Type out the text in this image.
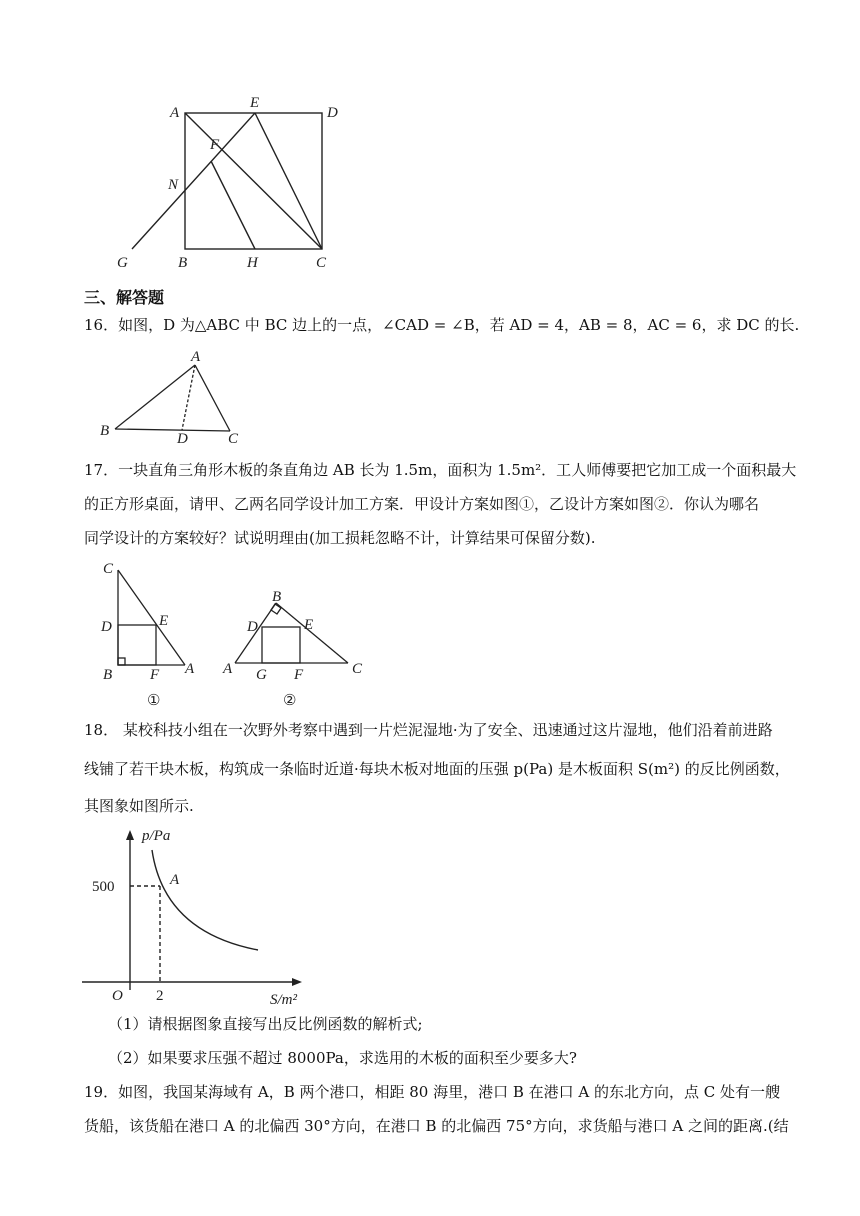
A
E
D
F
N
G	B	H	C
三、解答题
16．如图，D 为△ABC 中 BC 边上的一点，∠CAD = ∠B，若 AD = 4，AB = 8，AC = 6，求 DC 的长.
A
B	D	C
17．一块直角三角形木板的条直角边 AB 长为 1.5m，面积为 1.5m²．工人师傅要把它加工成一个面积最大
的正方形桌面，请甲、乙两名同学设计加工方案．甲设计方案如图①，乙设计方案如图②．你认为哪名
同学设计的方案较好？试说明理由(加工损耗忽略不计，计算结果可保留分数).
C
D	E
B	F A
①
B
D	E
A G F	C
②
18． 某校科技小组在一次野外考察中遇到一片烂泥湿地·为了安全、迅速通过这片湿地，他们沿着前进路
线铺了若干块木板，构筑成一条临时近道·每块木板对地面的压强 p(Pa) 是木板面积 S(m²) 的反比例函数，
其图象如图所示.
p/Pa
500	A
O 2	S/m²
（1）请根据图象直接写出反比例函数的解析式;
（2）如果要求压强不超过 8000Pa，求选用的木板的面积至少要多大?
19．如图，我国某海域有 A，B 两个港口，相距 80 海里，港口 B 在港口 A 的东北方向，点 C 处有一艘
货船，该货船在港口 A 的北偏西 30°方向，在港口 B 的北偏西 75°方向，求货船与港口 A 之间的距离.(结
